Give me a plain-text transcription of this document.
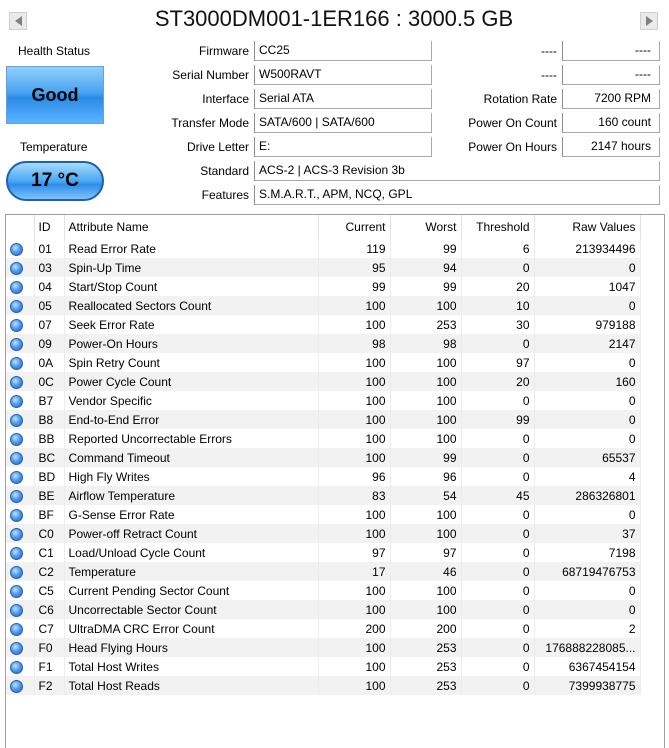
ST3000DM001-1ER166 : 3000.5 GB
Health Status
Good
Temperature
17 °C
Firmware CC25
Serial Number W500RAVT
Interface Serial ATA
Transfer Mode SATA/600 | SATA/600
Drive Letter E:
Standard ACS-2 | ACS-3 Revision 3b
Features S.M.A.R.T., APM, NCQ, GPL
----	----
----	----
Rotation Rate	7200 RPM
Power On Count	160 count
Power On Hours	2147 hours
	ID	Attribute Name	Current	Worst	Threshold	Raw Values
	01	Read Error Rate	119	99	6	213934496
	03	Spin-Up Time	95	94	0	0
	04	Start/Stop Count	99	99	20	1047
	05	Reallocated Sectors Count	100	100	10	0
	07	Seek Error Rate	100	253	30	979188
	09	Power-On Hours	98	98	0	2147
	0A	Spin Retry Count	100	100	97	0
	0C	Power Cycle Count	100	100	20	160
	B7	Vendor Specific	100	100	0	0
	B8	End-to-End Error	100	100	99	0
	BB	Reported Uncorrectable Errors	100	100	0	0
	BC	Command Timeout	100	99	0	65537
	BD	High Fly Writes	96	96	0	4
	BE	Airflow Temperature	83	54	45	286326801
	BF	G-Sense Error Rate	100	100	0	0
	C0	Power-off Retract Count	100	100	0	37
	C1	Load/Unload Cycle Count	97	97	0	7198
	C2	Temperature	17	46	0	68719476753
	C5	Current Pending Sector Count	100	100	0	0
	C6	Uncorrectable Sector Count	100	100	0	0
	C7	UltraDMA CRC Error Count	200	200	0	2
	F0	Head Flying Hours	100	253	0	176888228085...
	F1	Total Host Writes	100	253	0	6367454154
	F2	Total Host Reads	100	253	0	7399938775
